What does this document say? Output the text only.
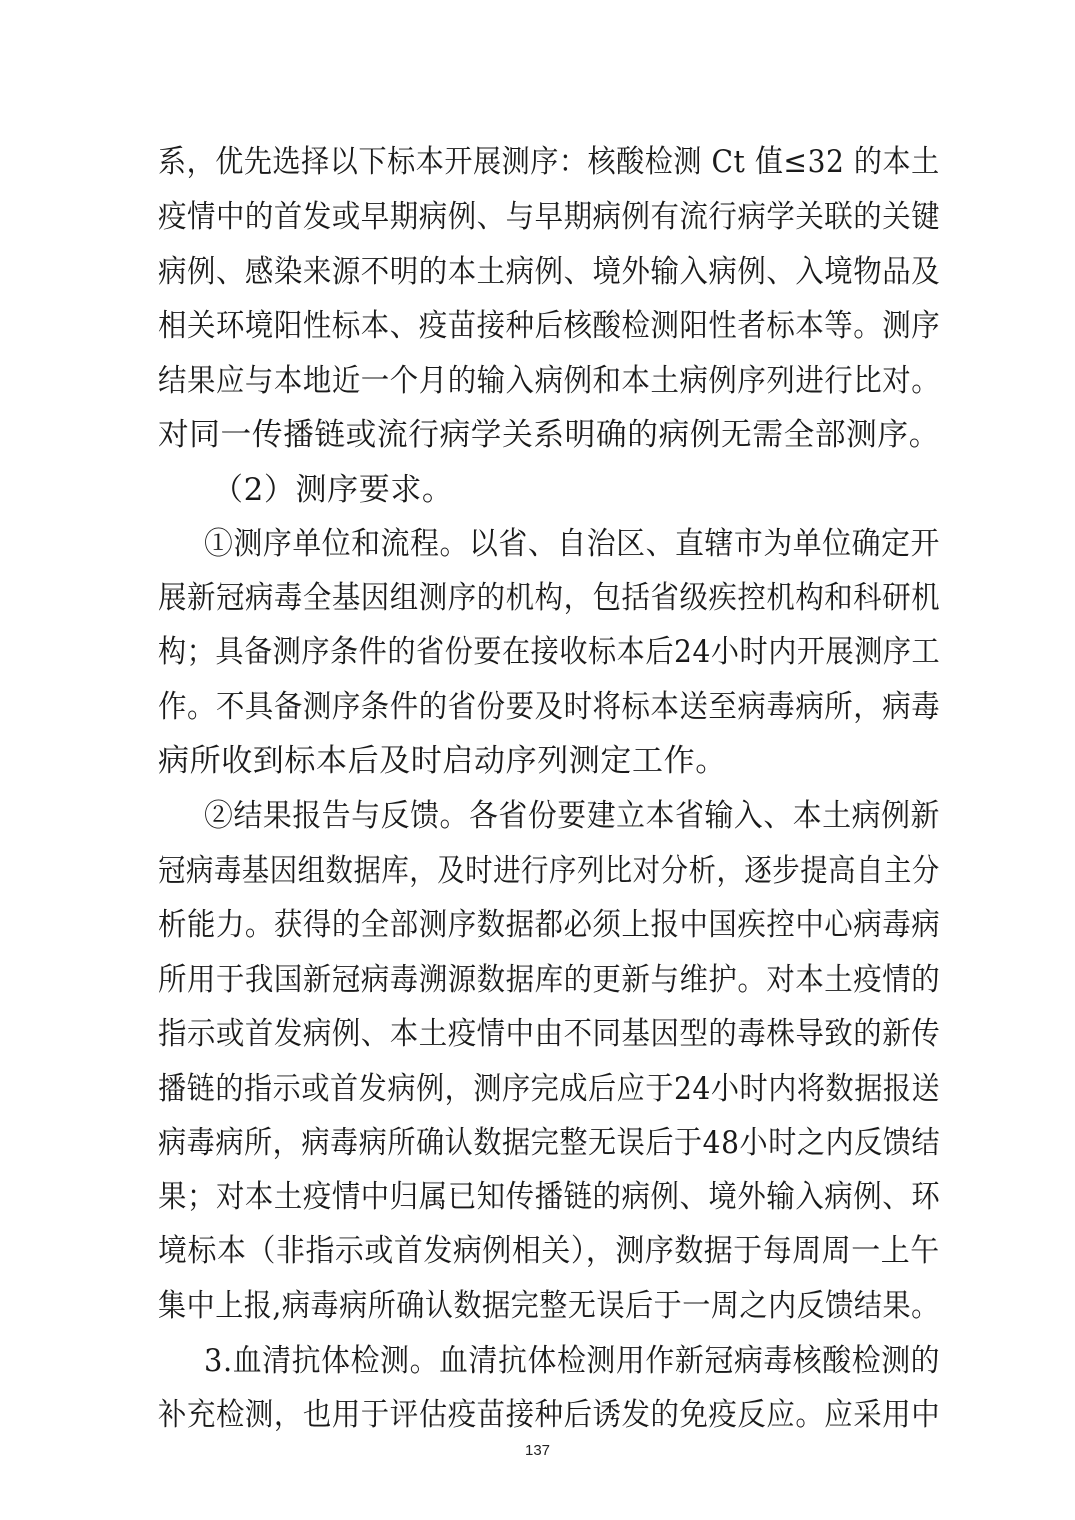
系，优先选择以下标本开展测序：核酸检测 Ct 值≤32 的本土
疫情中的首发或早期病例、与早期病例有流行病学关联的关键
病例、感染来源不明的本土病例、境外输入病例、入境物品及
相关环境阳性标本、疫苗接种后核酸检测阳性者标本等。测序
结果应与本地近一个月的输入病例和本土病例序列进行比对。
对同一传播链或流行病学关系明确的病例无需全部测序。
（2）测序要求。
①测序单位和流程。以省、自治区、直辖市为单位确定开
展新冠病毒全基因组测序的机构，包括省级疾控机构和科研机
构；具备测序条件的省份要在接收标本后24小时内开展测序工
作。不具备测序条件的省份要及时将标本送至病毒病所，病毒
病所收到标本后及时启动序列测定工作。
②结果报告与反馈。各省份要建立本省输入、本土病例新
冠病毒基因组数据库，及时进行序列比对分析，逐步提高自主分
析能力。获得的全部测序数据都必须上报中国疾控中心病毒病
所用于我国新冠病毒溯源数据库的更新与维护。对本土疫情的
指示或首发病例、本土疫情中由不同基因型的毒株导致的新传
播链的指示或首发病例，测序完成后应于24小时内将数据报送
病毒病所，病毒病所确认数据完整无误后于48小时之内反馈结
果；对本土疫情中归属已知传播链的病例、境外输入病例、环
境标本（非指示或首发病例相关），测序数据于每周周一上午
集中上报,病毒病所确认数据完整无误后于一周之内反馈结果。
3.血清抗体检测。血清抗体检测用作新冠病毒核酸检测的
补充检测，也用于评估疫苗接种后诱发的免疫反应。应采用中
137
